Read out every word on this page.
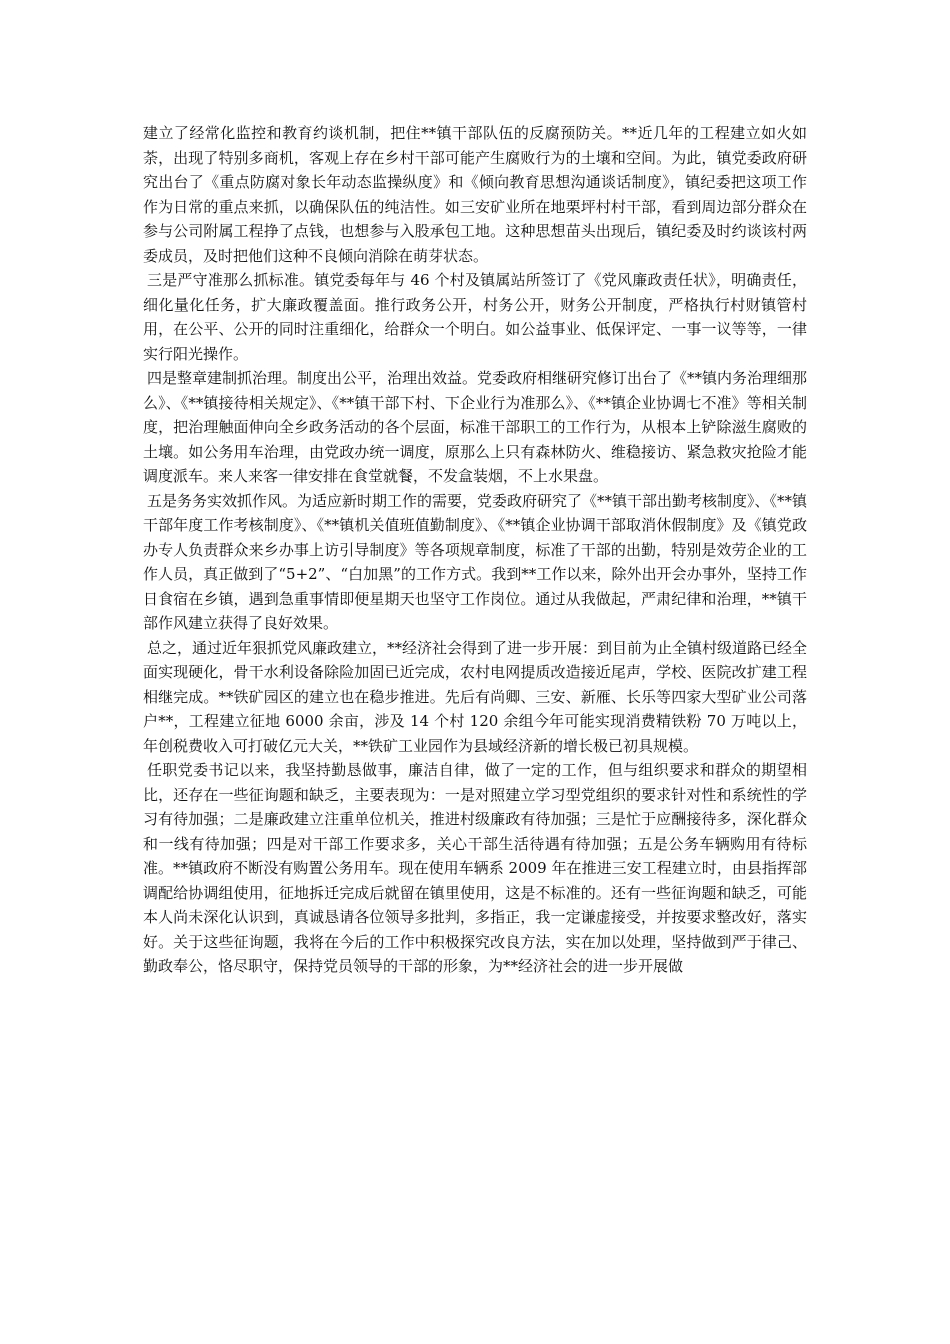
建立了经常化监控和教育约谈机制，把住**镇干部队伍的反腐预防关。**近几年的工程建立如火如荼，出现了特别多商机，客观上存在乡村干部可能产生腐败行为的土壤和空间。为此，镇党委政府研究出台了《重点防腐对象长年动态监操纵度》和《倾向教育思想沟通谈话制度》，镇纪委把这项工作作为日常的重点来抓，以确保队伍的纯洁性。如三安矿业所在地栗坪村村干部，看到周边部分群众在参与公司附属工程挣了点钱，也想参与入股承包工地。这种思想苗头出现后，镇纪委及时约谈该村两委成员，及时把他们这种不良倾向消除在萌芽状态。

三是严守准那么抓标准。镇党委每年与 46 个村及镇属站所签订了《党风廉政责任状》，明确责任，细化量化任务，扩大廉政覆盖面。推行政务公开，村务公开，财务公开制度，严格执行村财镇管村用，在公平、公开的同时注重细化，给群众一个明白。如公益事业、低保评定、一事一议等等，一律实行阳光操作。

四是整章建制抓治理。制度出公平，治理出效益。党委政府相继研究修订出台了《**镇内务治理细那么》、《**镇接待相关规定》、《**镇干部下村、下企业行为准那么》、《**镇企业协调七不准》等相关制度，把治理触面伸向全乡政务活动的各个层面，标准干部职工的工作行为，从根本上铲除滋生腐败的土壤。如公务用车治理，由党政办统一调度，原那么上只有森林防火、维稳接访、紧急救灾抢险才能调度派车。来人来客一律安排在食堂就餐，不发盒装烟，不上水果盘。

五是务务实效抓作风。为适应新时期工作的需要，党委政府研究了《**镇干部出勤考核制度》、《**镇干部年度工作考核制度》、《**镇机关值班值勤制度》、《**镇企业协调干部取消休假制度》及《镇党政办专人负责群众来乡办事上访引导制度》等各项规章制度，标准了干部的出勤，特别是效劳企业的工作人员，真正做到了“5+2”、“白加黑”的工作方式。我到**工作以来，除外出开会办事外，坚持工作日食宿在乡镇，遇到急重事情即便星期天也坚守工作岗位。通过从我做起，严肃纪律和治理，**镇干部作风建立获得了良好效果。

总之，通过近年狠抓党风廉政建立，**经济社会得到了进一步开展：到目前为止全镇村级道路已经全面实现硬化，骨干水利设备除险加固已近完成，农村电网提质改造接近尾声，学校、医院改扩建工程相继完成。**铁矿园区的建立也在稳步推进。先后有尚卿、三安、新雁、长乐等四家大型矿业公司落户**，工程建立征地 6000 余亩，涉及 14 个村 120 余组今年可能实现消费精铁粉 70 万吨以上，年创税费收入可打破亿元大关，**铁矿工业园作为县域经济新的增长极已初具规模。

任职党委书记以来，我坚持勤恳做事，廉洁自律，做了一定的工作，但与组织要求和群众的期望相比，还存在一些征询题和缺乏，主要表现为：一是对照建立学习型党组织的要求针对性和系统性的学习有待加强；二是廉政建立注重单位机关，推进村级廉政有待加强；三是忙于应酬接待多，深化群众和一线有待加强；四是对干部工作要求多，关心干部生活待遇有待加强；五是公务车辆购用有待标准。**镇政府不断没有购置公务用车。现在使用车辆系 2009 年在推进三安工程建立时，由县指挥部调配给协调组使用，征地拆迁完成后就留在镇里使用，这是不标准的。还有一些征询题和缺乏，可能本人尚未深化认识到，真诚恳请各位领导多批判，多指正，我一定谦虚接受，并按要求整改好，落实好。关于这些征询题，我将在今后的工作中积极探究改良方法，实在加以处理，坚持做到严于律己、勤政奉公，恪尽职守，保持党员领导的干部的形象，为**经济社会的进一步开展做
